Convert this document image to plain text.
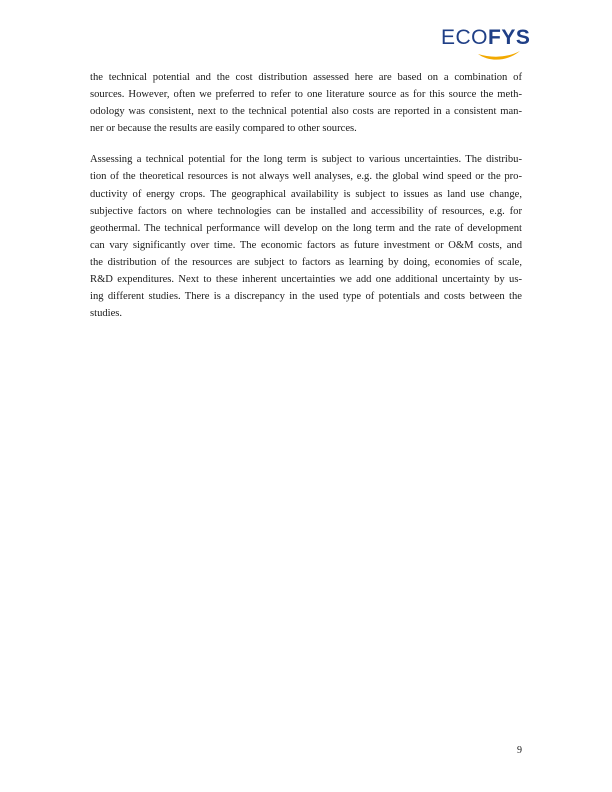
ECOFYS

the technical potential and the cost distribution assessed here are based on a combination of
sources. However, often we preferred to refer to one literature source as for this source the meth-
odology was consistent, next to the technical potential also costs are reported in a consistent man-
ner or because the results are easily compared to other sources.

Assessing a technical potential for the long term is subject to various uncertainties. The distribu-
tion of the theoretical resources is not always well analyses, e.g. the global wind speed or the pro-
ductivity of energy crops. The geographical availability is subject to issues as land use change,
subjective factors on where technologies can be installed and accessibility of resources, e.g. for
geothermal. The technical performance will develop on the long term and the rate of development
can vary significantly over time. The economic factors as future investment or O&M costs, and
the distribution of the resources are subject to factors as learning by doing, economies of scale,
R&D expenditures. Next to these inherent uncertainties we add one additional uncertainty by us-
ing different studies. There is a discrepancy in the used type of potentials and costs between the
studies.

9
